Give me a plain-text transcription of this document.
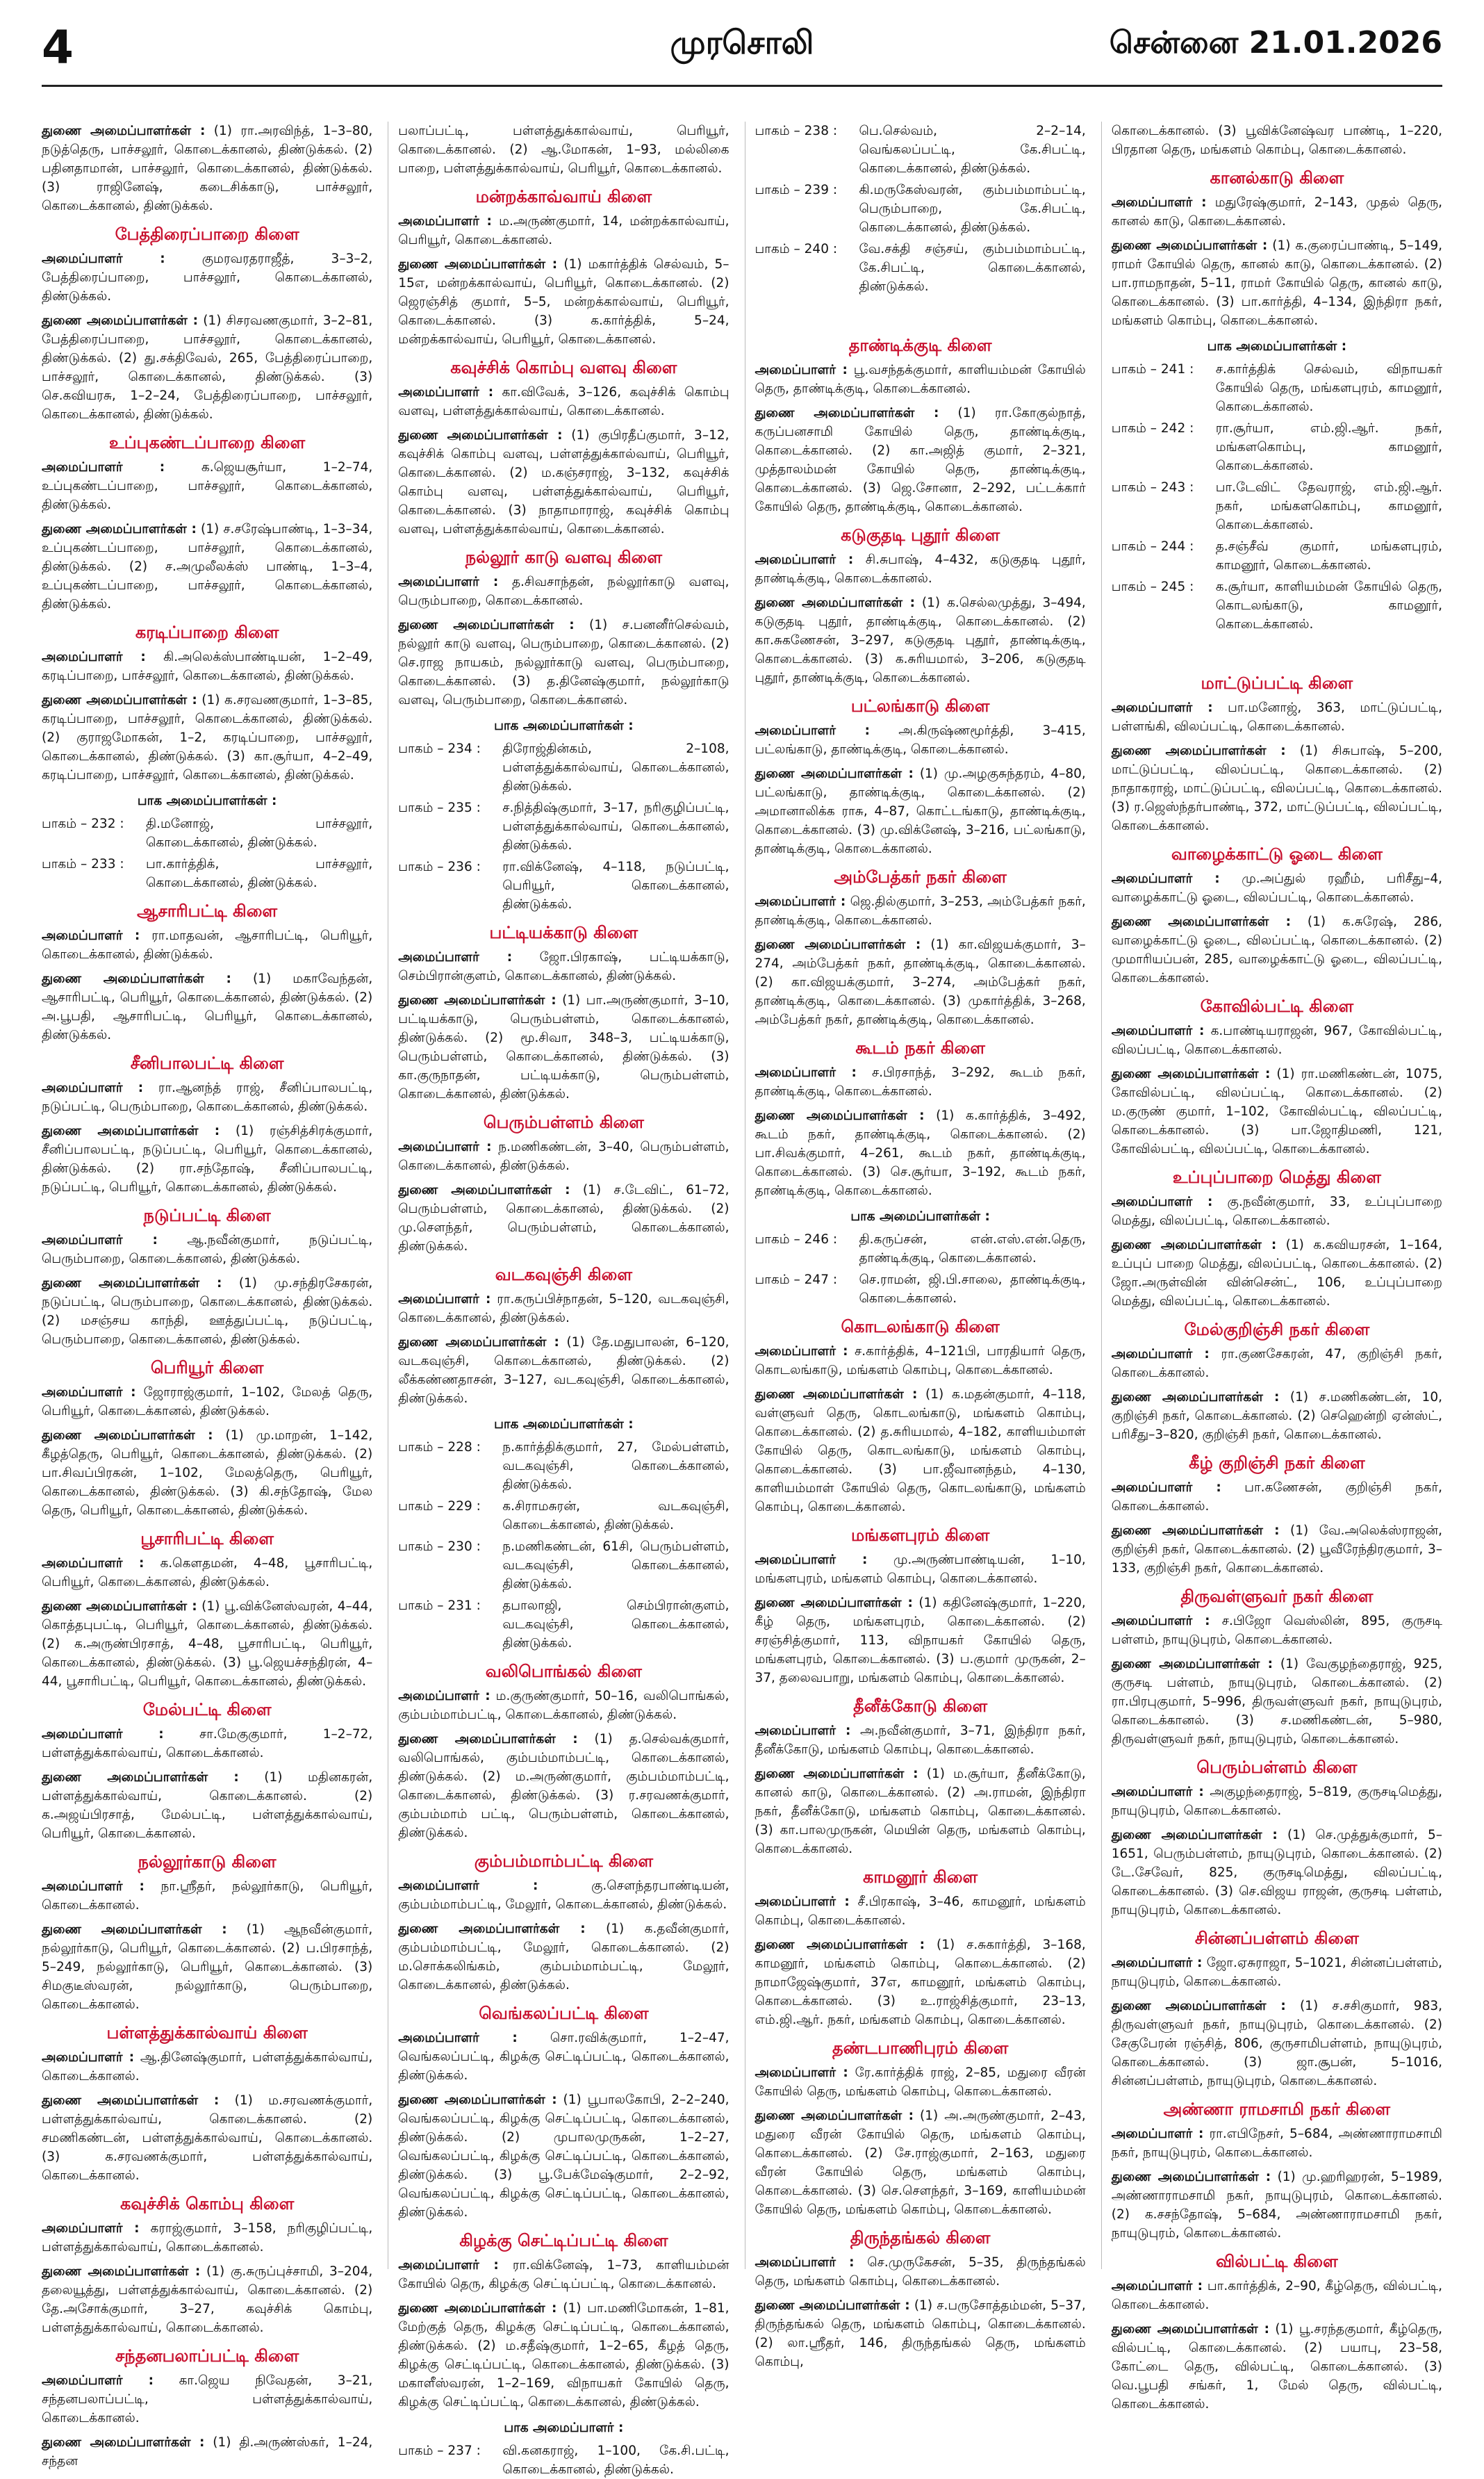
4	முரசொலி	சென்னை 21.01.2026

துணை அமைப்பாளர்கள் : (1) ரா.அரவிந்த், 1–3–80, நடுத்தெரு, பாச்சலூர், கொடைக்கானல், திண்டுக்கல். (2) பதினதாமான், பாச்சலூர், கொடைக்கானல், திண்டுக்கல். (3) ராஜினேஷ், கடைசிக்காடு, பாச்சலூர், கொடைக்கானல், திண்டுக்கல்.

பேத்திரைப்பாறை கிளை

அமைப்பாளர் :	குமரவரதராஜீத், 3–3–2, பேத்திரைப்பாறை, பாச்சலூர், கொடைக்கானல், திண்டுக்கல்.

துணை அமைப்பாளர்கள் : (1) சிசரவணகுமார், 3–2–81, பேத்திரைப்பாறை, பாச்சலூர், கொடைக்கானல், திண்டுக்கல். (2) து.சக்திவேல், 265, பேத்திரைப்பாறை, பாச்சலூர், கொடைக்கானல், திண்டுக்கல். (3) செ.கவியரசு, 1–2–24, பேத்திரைப்பாறை, பாச்சலூர், கொடைக்கானல், திண்டுக்கல்.

உப்புகண்டப்பாறை கிளை

அமைப்பாளர் :	க.ஜெயசூர்யா, 1–2–74, உப்புகண்டப்பாறை, பாச்சலூர், கொடைக்கானல், திண்டுக்கல்.

துணை அமைப்பாளர்கள் : (1) ச.சரேஷ்பாண்டி, 1–3–34, உப்புகண்டப்பாறை, பாச்சலூர், கொடைக்கானல், திண்டுக்கல். (2) ச.அமுலீலக்ஸ் பாண்டி, 1–3–4, உப்புகண்டப்பாறை, பாச்சலூர், கொடைக்கானல், திண்டுக்கல்.

கரடிப்பாறை கிளை

அமைப்பாளர் : கி.அலெக்ஸ்பாண்டியன், 1–2–49, கரடிப்பாறை, பாச்சலூர், கொடைக்கானல், திண்டுக்கல்.

துணை அமைப்பாளர்கள் : (1) க.சரவணகுமார், 1–3–85, கரடிப்பாறை, பாச்சலூர், கொடைக்கானல், திண்டுக்கல். (2) குராஜமோகன், 1–2, கரடிப்பாறை, பாச்சலூர், கொடைக்கானல், திண்டுக்கல். (3) கா.சூர்யா, 4–2–49, கரடிப்பாறை, பாச்சலூர், கொடைக்கானல், திண்டுக்கல்.

பாக அமைப்பாளர்கள் :
பாகம் – 232 :	தி.மனோஜ், பாச்சலூர், கொடைக்கானல், திண்டுக்கல்.
பாகம் – 233 :	பா.கார்த்திக், பாச்சலூர், கொடைக்கானல், திண்டுக்கல்.
ஆசாரிபட்டி கிளை

அமைப்பாளர் : ரா.மாதவன், ஆசாரிபட்டி, பெரியூர், கொடைக்கானல், திண்டுக்கல்.

துணை அமைப்பாளர்கள் : (1) மகாவேந்தன், ஆசாரிபட்டி, பெரியூர், கொடைக்கானல், திண்டுக்கல். (2) அ.பூபதி, ஆசாரிபட்டி, பெரியூர், கொடைக்கானல், திண்டுக்கல்.

சீனிபாலபட்டி கிளை

அமைப்பாளர் : ரா.ஆனந்த் ராஜ், சீனிப்பாலபட்டி, நடுப்பட்டி, பெரும்பாறை, கொடைக்கானல், திண்டுக்கல்.

துணை அமைப்பாளர்கள் : (1) ரஞ்சித்சிரக்குமார், சீனிப்பாலபட்டி, நடுப்பட்டி, பெரியூர், கொடைக்கானல், திண்டுக்கல். (2) ரா.சந்தோஷ், சீனிப்பாலபட்டி, நடுப்பட்டி, பெரியூர், கொடைக்கானல், திண்டுக்கல்.

நடுப்பட்டி கிளை

அமைப்பாளர் : ஆ.நவீன்குமார், நடுப்பட்டி, பெரும்பாறை, கொடைக்கானல், திண்டுக்கல்.

துணை அமைப்பாளர்கள் : (1) மு.சந்திரசேகரன், நடுப்பட்டி, பெரும்பாறை, கொடைக்கானல், திண்டுக்கல். (2) மசஞ்சய காந்தி, ஊத்துப்பட்டி, நடுப்பட்டி, பெரும்பாறை, கொடைக்கானல், திண்டுக்கல்.

பெரியூர் கிளை

அமைப்பாளர் : ஜோராஜ்குமார், 1–102, மேலத் தெரு, பெரியூர், கொடைக்கானல், திண்டுக்கல்.

துணை அமைப்பாளர்கள் : (1) மு.மாறன், 1–142, கீழத்தெரு, பெரியூர், கொடைக்கானல், திண்டுக்கல். (2) பா.சிவப்பிரகன், 1–102, மேலத்தெரு, பெரியூர், கொடைக்கானல், திண்டுக்கல். (3) கி.சந்தோஷ், மேல தெரு, பெரியூர், கொடைக்கானல், திண்டுக்கல்.

பூசாரிபட்டி கிளை

அமைப்பாளர் : க.கௌதமன், 4–48, பூசாரிபட்டி, பெரியூர், கொடைக்கானல், திண்டுக்கல்.

துணை அமைப்பாளர்கள் : (1) பூ.விக்னேஸ்வரன், 4–44, கொத்தபுபட்டி, பெரியூர், கொடைக்கானல், திண்டுக்கல். (2) க.அருண்பிரசாத், 4–48, பூசாரிபட்டி, பெரியூர், கொடைக்கானல், திண்டுக்கல். (3) பூ.ஜெயச்சந்திரன், 4–44, பூசாரிபட்டி, பெரியூர், கொடைக்கானல், திண்டுக்கல்.

மேல்பட்டி கிளை

அமைப்பாளர் :	சா.மேகுகுமார், 1–2–72, பள்ளத்துக்கால்வாய், கொடைக்கானல்.

துணை அமைப்பாளர்கள் : (1) மதினகரன், பள்ளத்துக்கால்வாய், கொடைக்கானல். (2) க.அஜய்பிரசாத், மேல்பட்டி, பள்ளத்துக்கால்வாய், பெரியூர், கொடைக்கானல்.

நல்லூர்காடு கிளை

அமைப்பாளர் : நா.ஸ்ரீதர், நல்லூர்காடு, பெரியூர், கொடைக்கானல்.

துணை அமைப்பாளர்கள் : (1) ஆநவீன்குமார், நல்லூர்காடு, பெரியூர், கொடைக்கானல். (2) ப.பிரசாந்த், 5–249, நல்லூர்காடு, பெரியூர், கொடைக்கானல். (3) சிமகுடீஸ்வரன், நல்லூர்காடு, பெரும்பாறை, கொடைக்கானல்.

பள்ளத்துக்கால்வாய் கிளை

அமைப்பாளர் : ஆ.தினேஷ்குமார், பள்ளத்துக்கால்வாய், கொடைக்கானல்.

துணை அமைப்பாளர்கள் : (1) ம.சரவணக்குமார், பள்ளத்துக்கால்வாய், கொடைக்கானல். (2) சமணிகண்டன், பள்ளத்துக்கால்வாய், கொடைக்கானல். (3) க.சரவணக்குமார், பள்ளத்துக்கால்வாய், கொடைக்கானல்.

கவுச்சிக் கொம்பு கிளை

அமைப்பாளர் : கராஜ்குமார், 3–158, நரிகுழிப்பட்டி, பள்ளத்துக்கால்வாய், கொடைக்கானல்.

துணை அமைப்பாளர்கள் : (1) கு.சுருப்புச்சாமி, 3–204, தலையூத்து, பள்ளத்துக்கால்வாய், கொடைக்கானல். (2) தே.அசோக்குமார், 3–27, கவுச்சிக் கொம்பு, பள்ளத்துக்கால்வாய், கொடைக்கானல்.

சந்தனபலாப்பட்டி கிளை

அமைப்பாளர் : கா.ஜெய நிவேதன், 3–21, சந்தனபலாப்பட்டி, பள்ளத்துக்கால்வாய், கொடைக்கானல்.

துணை அமைப்பாளர்கள் : (1) தி.அருண்ஸ்கர், 1–24, சந்தன

பலாப்பட்டி, பள்ளத்துக்கால்வாய், பெரியூர், கொடைக்கானல். (2) ஆ.மோகன், 1–93, மல்லிகை பாறை, பள்ளத்துக்கால்வாய், பெரியூர், கொடைக்கானல்.

மன்றக்காவ்வாய் கிளை

அமைப்பாளர் : ம.அருண்குமார், 14, மன்றக்கால்வாய், பெரியூர், கொடைக்கானல்.

துணை அமைப்பாளர்கள் : (1) மகார்த்திக் செல்வம், 5–15எ, மன்றக்கால்வாய், பெரியூர், கொடைக்கானல். (2) ஜெரஞ்சித் குமார், 5–5, மன்றக்கால்வாய், பெரியூர், கொடைக்கானல். (3) க.கார்த்திக், 5–24, மன்றக்கால்வாய், பெரியூர், கொடைக்கானல்.

கவுச்சிக் கொம்பு வளவு கிளை

அமைப்பாளர் : கா.விவேக், 3–126, கவுச்சிக் கொம்பு வளவு, பள்ளத்துக்கால்வாய், கொடைக்கானல்.

துணை அமைப்பாளர்கள் : (1) குபிரதீப்குமார், 3–12, கவுச்சிக் கொம்பு வளவு, பள்ளத்துக்கால்வாய், பெரியூர், கொடைக்கானல். (2) ம.கஞ்சராஜ், 3–132, கவுச்சிக் கொம்பு வளவு, பள்ளத்துக்கால்வாய், பெரியூர், கொடைக்கானல். (3) நாதாமாராஜ், கவுச்சிக் கொம்பு வளவு, பள்ளத்துக்கால்வாய், கொடைக்கானல்.

நல்லூர் காடு வளவு கிளை

அமைப்பாளர் : த.சிவசாந்தன், நல்லூர்காடு வளவு, பெரும்பாறை, கொடைக்கானல்.

துணை அமைப்பாளர்கள் : (1) ச.பனனீர்செல்வம், நல்லூர் காடு வளவு, பெரும்பாறை, கொடைக்கானல். (2) செ.ராஜ நாயகம், நல்லூர்காடு வளவு, பெரும்பாறை, கொடைக்கானல். (3) த.தினேஷ்குமார், நல்லூர்காடு வளவு, பெரும்பாறை, கொடைக்கானல்.

பாக அமைப்பாளர்கள் :
பாகம் – 234 :	திரோஜ்தின்கம், 2–108, பள்ளத்துக்கால்வாய், கொடைக்கானல், திண்டுக்கல்.
பாகம் – 235 :	ச.நித்திஷ்குமார், 3–17, நரிகுழிப்பட்டி, பள்ளத்துக்கால்வாய், கொடைக்கானல், திண்டுக்கல்.
பாகம் – 236 :	ரா.விக்னேஷ், 4–118, நடுப்பட்டி, பெரியூர், கொடைக்கானல், திண்டுக்கல்.
பட்டியக்காடு கிளை

அமைப்பாளர் : ஜோ.பிரகாஷ், பட்டியக்காடு, செம்பிரான்குளம், கொடைக்கானல், திண்டுக்கல்.

துணை அமைப்பாளர்கள் : (1) பா.அருண்குமார், 3–10, பட்டியக்காடு, பெரும்பள்ளம், கொடைக்கானல், திண்டுக்கல். (2) மூ.சிவா, 348–3, பட்டியக்காடு, பெரும்பள்ளம், கொடைக்கானல், திண்டுக்கல். (3) கா.குருநாதன், பட்டியக்காடு, பெரும்பள்ளம், கொடைக்கானல், திண்டுக்கல்.

பெரும்பள்ளம் கிளை

அமைப்பாளர் : ந.மணிகண்டன், 3–40, பெரும்பள்ளம், கொடைக்கானல், திண்டுக்கல்.

துணை அமைப்பாளர்கள் : (1) ச.டேவிட், 61–72, பெரும்பள்ளம், கொடைக்கானல், திண்டுக்கல். (2) மு.சௌந்தர், பெரும்பள்ளம், கொடைக்கானல், திண்டுக்கல்.

வடகவுஞ்சி கிளை

அமைப்பாளர் : ரா.கருப்பிச்நாதன், 5–120, வடகவுஞ்சி, கொடைக்கானல், திண்டுக்கல்.

துணை அமைப்பாளர்கள் : (1) தே.மதுபாலன், 6–120, வடகவுஞ்சி, கொடைக்கானல், திண்டுக்கல். (2) லீக்கண்ணதாசன், 3–127, வடகவுஞ்சி, கொடைக்கானல், திண்டுக்கல்.

பாக அமைப்பாளர்கள் :
பாகம் – 228 :	ந.கார்த்திக்குமார், 27, மேல்பள்ளம், வடகவுஞ்சி, கொடைக்கானல், திண்டுக்கல்.
பாகம் – 229 :	க.சிராமசுரன், வடகவுஞ்சி, கொடைக்கானல், திண்டுக்கல்.
பாகம் – 230 :	ந.மணிகண்டன், 61சி, பெரும்பள்ளம், வடகவுஞ்சி, கொடைக்கானல், திண்டுக்கல்.
பாகம் – 231 :	தபாலாஜி, செம்பிரான்குளம், வடகவுஞ்சி, கொடைக்கானல், திண்டுக்கல்.
வலிபொங்கல் கிளை

அமைப்பாளர் : ம.குருண்குமார், 50–16, வலிபொங்கல், கும்பம்மாம்பட்டி, கொடைக்கானல், திண்டுக்கல்.

துணை அமைப்பாளர்கள் : (1) த.செல்வக்குமார், வலிபொங்கல், கும்பம்மாம்பட்டி, கொடைக்கானல், திண்டுக்கல். (2) ம.அருண்குமார், கும்பம்மாம்பட்டி, கொடைக்கானல், திண்டுக்கல். (3) ர.சரவணக்குமார், கும்பம்மாம் பட்டி, பெரும்பள்ளம், கொடைக்கானல், திண்டுக்கல்.

கும்பம்மாம்பட்டி கிளை

அமைப்பாளர் :	கு.சௌந்தரபாண்டியன், கும்பம்மாம்பட்டி, மேலூர், கொடைக்கானல், திண்டுக்கல்.

துணை அமைப்பாளர்கள் : (1) க.தவீன்குமார், கும்பம்மாம்பட்டி, மேலூர், கொடைக்கானல். (2) ம.சொக்கலிங்கம், கும்பம்மாம்பட்டி, மேலூர், கொடைக்கானல், திண்டுக்கல்.

வெங்கலப்பட்டி கிளை

அமைப்பாளர் :	சொ.ரவிக்குமார், 1–2–47, வெங்கலப்பட்டி, கிழக்கு செட்டிப்பட்டி, கொடைக்கானல், திண்டுக்கல்.

துணை அமைப்பாளர்கள் : (1) பூபாலகோபி, 2–2–240, வெங்கலப்பட்டி, கிழக்கு செட்டிப்பட்டி, கொடைக்கானல், திண்டுக்கல். (2) முபாலமுருகன், 1–2–27, வெங்கலப்பட்டி, கிழக்கு செட்டிப்பட்டி, கொடைக்கானல், திண்டுக்கல். (3) பூ.பேக்மேஷ்குமார், 2–2–92, வெங்கலப்பட்டி, கிழக்கு செட்டிப்பட்டி, கொடைக்கானல், திண்டுக்கல்.

கிழக்கு செட்டிப்பட்டி கிளை

அமைப்பாளர் : ரா.விக்னேஷ், 1–73, காளியம்மன் கோயில் தெரு, கிழக்கு செட்டிப்பட்டி, கொடைக்கானல்.

துணை அமைப்பாளர்கள் : (1) பா.மணிமோகன், 1–81, மேற்குத் தெரு, கிழக்கு செட்டிப்பட்டி, கொடைக்கானல், திண்டுக்கல். (2) ம.சதீஷ்குமார், 1–2–65, கீழத் தெரு, கிழக்கு செட்டிப்பட்டி, கொடைக்கானல், திண்டுக்கல். (3) மகாளீஸ்வரன், 1–2–169, விநாயகர் கோயில் தெரு, கிழக்கு செட்டிப்பட்டி, கொடைக்கானல், திண்டுக்கல்.

பாக அமைப்பாளர் :
பாகம் – 237 :	வி.கனகராஜ், 1–100, கே.சி.பட்டி, கொடைக்கானல், திண்டுக்கல்.
பாகம் – 238 :	பெ.செல்வம், 2–2–14, வெங்கலப்பட்டி, கே.சிபட்டி, கொடைக்கானல், திண்டுக்கல்.
பாகம் – 239 :	கி.மருகேஸ்வரன், கும்பம்மாம்பட்டி, பெரும்பாறை, கே.சிபட்டி, கொடைக்கானல், திண்டுக்கல்.
பாகம் – 240 :	வே.சக்தி சஞ்சய், கும்பம்மாம்பட்டி, கே.சிபட்டி, கொடைக்கானல், திண்டுக்கல்.
தாண்டிக்குடி கிளை

அமைப்பாளர் : பூ.வசந்தக்குமார், காளியம்மன் கோயில் தெரு, தாண்டிக்குடி, கொடைக்கானல்.

துணை அமைப்பாளர்கள் : (1) ரா.கோகுல்நாத், கருப்பனசாமி கோயில் தெரு, தாண்டிக்குடி, கொடைக்கானல். (2) கா.அஜித் குமார், 2–321, முத்தாலம்மன் கோயில் தெரு, தாண்டிக்குடி, கொடைக்கானல். (3) ஜெ.சோனா, 2–292, பட்டக்கார் கோயில் தெரு, தாண்டிக்குடி, கொடைக்கானல்.

கடுகுதடி புதூர் கிளை

அமைப்பாளர் : சி.சுபாஷ், 4–432, கடுகுதடி புதூர், தாண்டிக்குடி, கொடைக்கானல்.

துணை அமைப்பாளர்கள் : (1) க.செல்லமுத்து, 3–494, கடுகுதடி புதூர், தாண்டிக்குடி, கொடைக்கானல். (2) கா.சுகணேசன், 3–297, கடுகுதடி புதூர், தாண்டிக்குடி, கொடைக்கானல். (3) க.சுரியமால், 3–206, கடுகுதடி புதூர், தாண்டிக்குடி, கொடைக்கானல்.

பட்லங்காடு கிளை

அமைப்பாளர் : அ.கிருஷ்ணமூர்த்தி, 3–415, பட்லங்காடு, தாண்டிக்குடி, கொடைக்கானல்.

துணை அமைப்பாளர்கள் : (1) மு.அழகுசுந்தரம், 4–80, பட்லங்காடு, தாண்டிக்குடி, கொடைக்கானல். (2) அமானாலிக்க ராசு, 4–87, கொட்டங்காடு, தாண்டிக்குடி, கொடைக்கானல். (3) மு.விக்னேஷ், 3–216, பட்லங்காடு, தாண்டிக்குடி, கொடைக்கானல்.

அம்பேத்கர் நகர் கிளை

அமைப்பாளர் : ஜெ.தில்குமார், 3–253, அம்பேத்கர் நகர், தாண்டிக்குடி, கொடைக்கானல்.

துணை அமைப்பாளர்கள் : (1) கா.விஜயக்குமார், 3–274, அம்பேத்கர் நகர், தாண்டிக்குடி, கொடைக்கானல். (2) கா.விஜயக்குமார், 3–274, அம்பேத்கர் நகர், தாண்டிக்குடி, கொடைக்கானல். (3) முகார்த்திக், 3–268, அம்பேத்கர் நகர், தாண்டிக்குடி, கொடைக்கானல்.

கூடம் நகர் கிளை

அமைப்பாளர் : ச.பிரசாந்த், 3–292, கூடம் நகர், தாண்டிக்குடி, கொடைக்கானல்.

துணை அமைப்பாளர்கள் : (1) க.கார்த்திக், 3–492, கூடம் நகர், தாண்டிக்குடி, கொடைக்கானல். (2) பா.சிவக்குமார், 4–261, கூடம் நகர், தாண்டிக்குடி, கொடைக்கானல். (3) செ.சூர்யா, 3–192, கூடம் நகர், தாண்டிக்குடி, கொடைக்கானல்.

பாக அமைப்பாளர்கள் :
பாகம் – 246 :	தி.கருப்சன், என்.எஸ்.என்.தெரு, தாண்டிக்குடி, கொடைக்கானல்.
பாகம் – 247 :	செ.ராமன், ஜி.பி.சாலை, தாண்டிக்குடி, கொடைக்கானல்.
கொடலங்காடு கிளை

அமைப்பாளர் : ச.கார்த்திக், 4–121பி, பாரதியார் தெரு, கொடலங்காடு, மங்களம் கொம்பு, கொடைக்கானல்.

துணை அமைப்பாளர்கள் : (1) க.மதன்குமார், 4–118, வள்ளுவர் தெரு, கொடலங்காடு, மங்களம் கொம்பு, கொடைக்கானல். (2) த.சுரியமால், 4–182, காளியம்மாள் கோயில் தெரு, கொடலங்காடு, மங்களம் கொம்பு, கொடைக்கானல். (3) பா.ஜீவானந்தம், 4–130, காளியம்மாள் கோயில் தெரு, கொடலங்காடு, மங்களம் கொம்பு, கொடைக்கானல்.

மங்களபுரம் கிளை

அமைப்பாளர் : மு.அருண்பாண்டியன், 1–10, மங்களபுரம், மங்களம் கொம்பு, கொடைக்கானல்.

துணை அமைப்பாளர்கள் : (1) கதினேஷ்குமார், 1–220, கீழ் தெரு, மங்களபுரம், கொடைக்கானல். (2) சரஞ்சித்குமார், 113, விநாயகர் கோயில் தெரு, மங்களபுரம், கொடைக்கானல். (3) ப.குமார் முருகன், 2–37, தலைவபாறு, மங்களம் கொம்பு, கொடைக்கானல்.

தீனீக்கோடு கிளை

அமைப்பாளர் : அ.நவீன்குமார், 3–71, இந்திரா நகர், தீனீக்கோடு, மங்களம் கொம்பு, கொடைக்கானல்.

துணை அமைப்பாளர்கள் : (1) ம.சூர்யா, தீனீக்கோடு, கானல் காடு, கொடைக்கானல். (2) அ.ராமன், இந்திரா நகர், தீனீக்கோடு, மங்களம் கொம்பு, கொடைக்கானல். (3) கா.பாலமுருகன், மெயின் தெரு, மங்களம் கொம்பு, கொடைக்கானல்.

காமனூர் கிளை

அமைப்பாளர் : சீ.பிரகாஷ், 3–46, காமனூர், மங்களம் கொம்பு, கொடைக்கானல்.

துணை அமைப்பாளர்கள் : (1) ச.சுகார்த்தி, 3–168, காமனூர், மங்களம் கொம்பு, கொடைக்கானல். (2) நாமாஜேஷ்குமார், 37எ, காமனூர், மங்களம் கொம்பு, கொடைக்கானல். (3) உ.ராஜ்சித்குமார், 23–13, எம்.ஜி.ஆர். நகர், மங்களம் கொம்பு, கொடைக்கானல்.

தண்டபாணிபுரம் கிளை

அமைப்பாளர் : ரே.கார்த்திக் ராஜ், 2–85, மதுரை வீரன் கோயில் தெரு, மங்களம் கொம்பு, கொடைக்கானல்.

துணை அமைப்பாளர்கள் : (1) அ.அருண்குமார், 2–43, மதுரை வீரன் கோயில் தெரு, மங்களம் கொம்பு, கொடைக்கானல். (2) சே.ராஜ்குமார், 2–163, மதுரை வீரன் கோயில் தெரு, மங்களம் கொம்பு, கொடைக்கானல். (3) செ.சௌந்தர், 3–169, காளியம்மன் கோயில் தெரு, மங்களம் கொம்பு, கொடைக்கானல்.

திருந்தங்கல் கிளை

அமைப்பாளர் : செ.முருகேசன், 5–35, திருந்தங்கல் தெரு, மங்களம் கொம்பு, கொடைக்கானல்.

துணை அமைப்பாளர்கள் : (1) ச.பருசோத்தம்மன், 5–37, திருந்தங்கல் தெரு, மங்களம் கொம்பு, கொடைக்கானல். (2) லா.ஸ்ரீதர், 146, திருந்தங்கல் தெரு, மங்களம் கொம்பு,

கொடைக்கானல். (3) பூவிக்னேஷ்வர பாண்டி, 1–220, பிரதான தெரு, மங்களம் கொம்பு, கொடைக்கானல்.

கானல்காடு கிளை

அமைப்பாளர் : மதுரேஷ்குமார், 2–143, முதல் தெரு, கானல் காடு, கொடைக்கானல்.

துணை அமைப்பாளர்கள் : (1) க.குரைப்பாண்டி, 5–149, ராமர் கோயில் தெரு, கானல் காடு, கொடைக்கானல். (2) பா.ராமநாதன், 5–11, ராமர் கோயில் தெரு, கானல் காடு, கொடைக்கானல். (3) பா.கார்த்தி, 4–134, இந்திரா நகர், மங்களம் கொம்பு, கொடைக்கானல்.

பாக அமைப்பாளர்கள் :
பாகம் – 241 :	ச.கார்த்திக் செல்வம், விநாயகர் கோயில் தெரு, மங்களபுரம், காமனூர், கொடைக்கானல்.
பாகம் – 242 :	ரா.சூர்யா, எம்.ஜி.ஆர். நகர், மங்களகொம்பு, காமனூர், கொடைக்கானல்.
பாகம் – 243 :	பா.டேவிட் தேவராஜ், எம்.ஜி.ஆர். நகர், மங்களகொம்பு, காமனூர், கொடைக்கானல்.
பாகம் – 244 :	த.சஞ்சீவ் குமார், மங்களபுரம், காமனூர், கொடைக்கானல்.
பாகம் – 245 :	க.சூர்யா, காளியம்மன் கோயில் தெரு, கொடலங்காடு, காமனூர், கொடைக்கானல்.
மாட்டுப்பட்டி கிளை

அமைப்பாளர் : பா.மனோஜ், 363, மாட்டுப்பட்டி, பள்ளங்கி, விலப்பட்டி, கொடைக்கானல்.

துணை அமைப்பாளர்கள் : (1) சிசுபாஷ், 5–200, மாட்டுப்பட்டி, விலப்பட்டி, கொடைக்கானல். (2) நாதாகராஜ், மாட்டுப்பட்டி, விலப்பட்டி, கொடைக்கானல். (3) ர.ஜெஸ்ந்தர்பாண்டி, 372, மாட்டுப்பட்டி, விலப்பட்டி, கொடைக்கானல்.

வாழைக்காட்டு ஓடை கிளை

அமைப்பாளர் : மு.அப்துல் ரஹீம், பரிசீது–4, வாழைக்காட்டு ஓடை, விலப்பட்டி, கொடைக்கானல்.

துணை அமைப்பாளர்கள் : (1) க.சுரேஷ், 286, வாழைக்காட்டு ஓடை, விலப்பட்டி, கொடைக்கானல். (2) முமாரியப்பன், 285, வாழைக்காட்டு ஓடை, விலப்பட்டி, கொடைக்கானல்.

கோவில்பட்டி கிளை

அமைப்பாளர் : க.பாண்டியராஜன், 967, கோவில்பட்டி, விலப்பட்டி, கொடைக்கானல்.

துணை அமைப்பாளர்கள் : (1) ரா.மணிகண்டன், 1075, கோவில்பட்டி, விலப்பட்டி, கொடைக்கானல். (2) ம.குருண் குமார், 1–102, கோவில்பட்டி, விலப்பட்டி, கொடைக்கானல். (3) பா.ஜோதிமணி, 121, கோவில்பட்டி, விலப்பட்டி, கொடைக்கானல்.

உப்புப்பாறை மெத்து கிளை

அமைப்பாளர் : கு.நவீன்குமார், 33, உப்புப்பாறை மெத்து, விலப்பட்டி, கொடைக்கானல்.

துணை அமைப்பாளர்கள் : (1) க.கவியரசன், 1–164, உப்புப் பாறை மெத்து, விலப்பட்டி, கொடைக்கானல். (2) ஜோ.அருள்வின் வின்சென்ட், 106, உப்புப்பாறை மெத்து, விலப்பட்டி, கொடைக்கானல்.

மேல்குறிஞ்சி நகர் கிளை

அமைப்பாளர் : ரா.குணசேகரன், 47, குறிஞ்சி நகர், கொடைக்கானல்.

துணை அமைப்பாளர்கள் : (1) ச.மணிகண்டன், 10, குறிஞ்சி நகர், கொடைக்கானல். (2) செஹென்றி ஏன்ஸ்ட், பரிசீது–3–820, குறிஞ்சி நகர், கொடைக்கானல்.

கீழ் குறிஞ்சி நகர் கிளை

அமைப்பாளர் : பா.கணேசன், குறிஞ்சி நகர், கொடைக்கானல்.

துணை அமைப்பாளர்கள் : (1) வே.அலெக்ஸ்ராஜன், குறிஞ்சி நகர், கொடைக்கானல். (2) பூவீரேந்திரகுமார், 3–133, குறிஞ்சி நகர், கொடைக்கானல்.

திருவள்ளுவர் நகர் கிளை

அமைப்பாளர் : ச.பிஜோ வெஸ்லின், 895, குருசடி பள்ளம், நாயுடுபுரம், கொடைக்கானல்.

துணை அமைப்பாளர்கள் : (1) வேகுழந்தைராஜ், 925, குருசடி பள்ளம், நாயுடுபுரம், கொடைக்கானல். (2) ரா.பிரபுகுமார், 5–996, திருவள்ளுவர் நகர், நாயுடுபுரம், கொடைக்கானல். (3) ச.மணிகண்டன், 5–980, திருவள்ளுவர் நகர், நாயுடுபுரம், கொடைக்கானல்.

பெரும்பள்ளம் கிளை

அமைப்பாளர் : அகுழந்தைராஜ், 5–819, குருசடிமெத்து, நாயுடுபுரம், கொடைக்கானல்.

துணை அமைப்பாளர்கள் : (1) செ.முத்துக்குமார், 5–1651, பெரும்பள்ளம், நாயுடுபுரம், கொடைக்கானல். (2) டே.சேவேர், 825, குருசடிமெத்து, விலப்பட்டி, கொடைக்கானல். (3) செ.விஜய ராஜன், குருசடி பள்ளம், நாயுடுபுரம், கொடைக்கானல்.

சின்னப்பள்ளம் கிளை

அமைப்பாளர் : ஜோ.ஏசுராஜா, 5–1021, சின்னப்பள்ளம், நாயுடுபுரம், கொடைக்கானல்.

துணை அமைப்பாளர்கள் : (1) ச.சசிகுமார், 983, திருவள்ளுவர் நகர், நாயுடுபுரம், கொடைக்கானல். (2) சேகுபேரன் ரஞ்சித், 806, குருசாமிபள்ளம், நாயுடுபுரம், கொடைக்கானல். (3) ஜா.சூபன், 5–1016, சின்னப்பள்ளம், நாயுடுபுரம், கொடைக்கானல்.

அண்ணா ராமசாமி நகர் கிளை

அமைப்பாளர் : ரா.எபிநேசர், 5–684, அண்ணாராமசாமி நகர், நாயுடுபுரம், கொடைக்கானல்.

துணை அமைப்பாளர்கள் : (1) மு.ஹரிஹரன், 5–1989, அண்ணாராமசாமி நகர், நாயுடுபுரம், கொடைக்கானல். (2) க.சசந்தோஷ், 5–684, அண்ணாராமசாமி நகர், நாயுடுபுரம், கொடைக்கானல்.

வில்பட்டி கிளை

அமைப்பாளர் : பா.கார்த்திக், 2–90, கீழ்தெரு, வில்பட்டி, கொடைக்கானல்.

துணை அமைப்பாளர்கள் : (1) பூ.சரந்தகுமார், கீழ்தெரு, வில்பட்டி, கொடைக்கானல். (2) பயாபு, 23–58, கோட்டை தெரு, வில்பட்டி, கொடைக்கானல். (3) வெ.பூபதி சங்கர், 1, மேல் தெரு, வில்பட்டி, கொடைக்கானல்.
